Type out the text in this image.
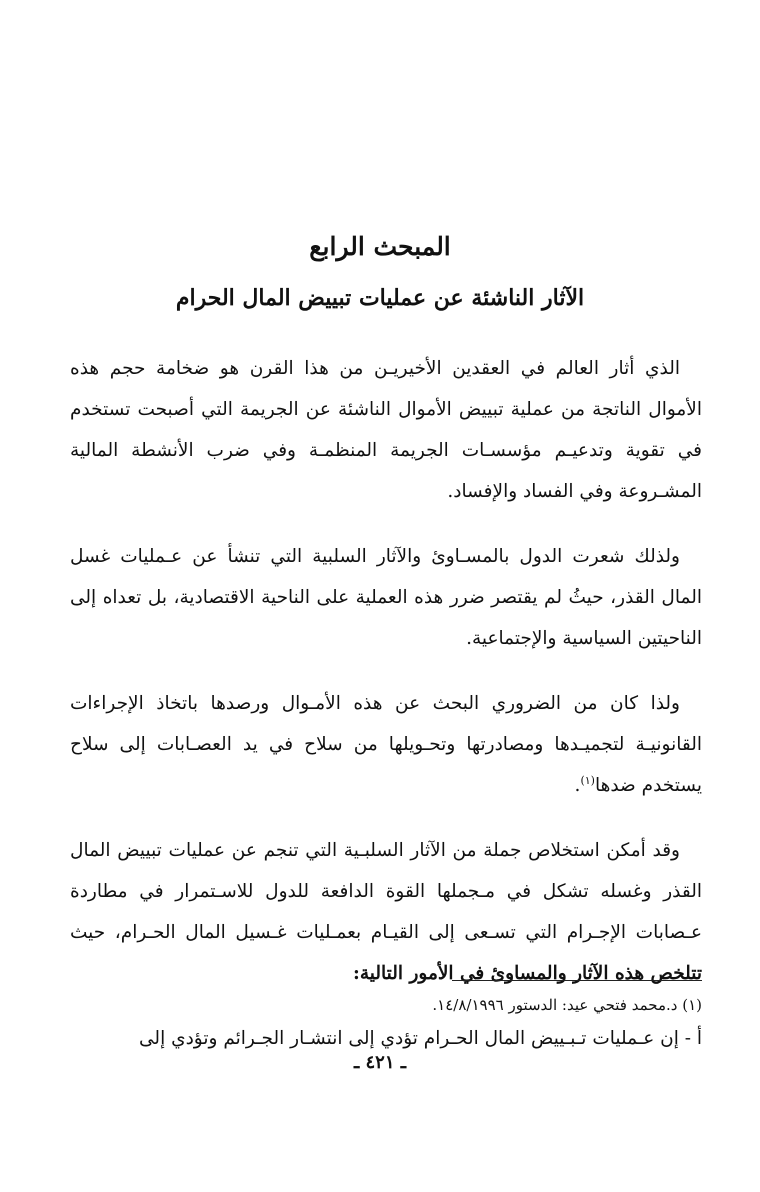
المبحث الرابع
الآثار الناشئة عن عمليات تبييض المال الحرام

الذي أثار العالم في العقدين الأخيريـن من هذا القرن هو ضخامة حجم هذه الأموال الناتجة من عملية تبييض الأموال الناشئة عن الجريمة التي أصبحت تستخدم في تقوية وتدعيـم مؤسسـات الجريمة المنظمـة وفي ضرب الأنشطة المالية المشـروعة وفي الفساد والإفساد.

ولذلك شعرت الدول بالمسـاوئ والآثار السلبية التي تنشأ عن عـمليات غسل المال القذر، حيثُ لم يقتصر ضرر هذه العملية على الناحية الاقتصادية، بل تعداه إلى الناحيتين السياسية والإجتماعية.

ولذا كان من الضروري البحث عن هذه الأمـوال ورصدها باتخاذ الإجراءات القانونيـة لتجميـدها ومصادرتها وتحـويلها من سلاح في يد العصـابات إلى سلاح يستخدم ضدها$^{(١)}$.

وقد أمكن استخلاص جملة من الآثار السلبـية التي تنجم عن عمليات تبييض المال القذر وغسله تشكل في مـجملها القوة الدافعة للدول للاسـتمرار في مطاردة عـصابات الإجـرام التي تسـعى إلى القيـام بعمـليات غـسيل المال الحـرام، حيث تتلخص هذه الآثار والمساوئ في الأمور التالية:

أ - إن عـمليات تـبـييض المال الحـرام تؤدي إلى انتشـار الجـرائم وتؤدي إلى

(١) د.محمد فتحي عيد: الدستور ١٤/٨/١٩٩٦.
ـ ٤٢١ ـ
